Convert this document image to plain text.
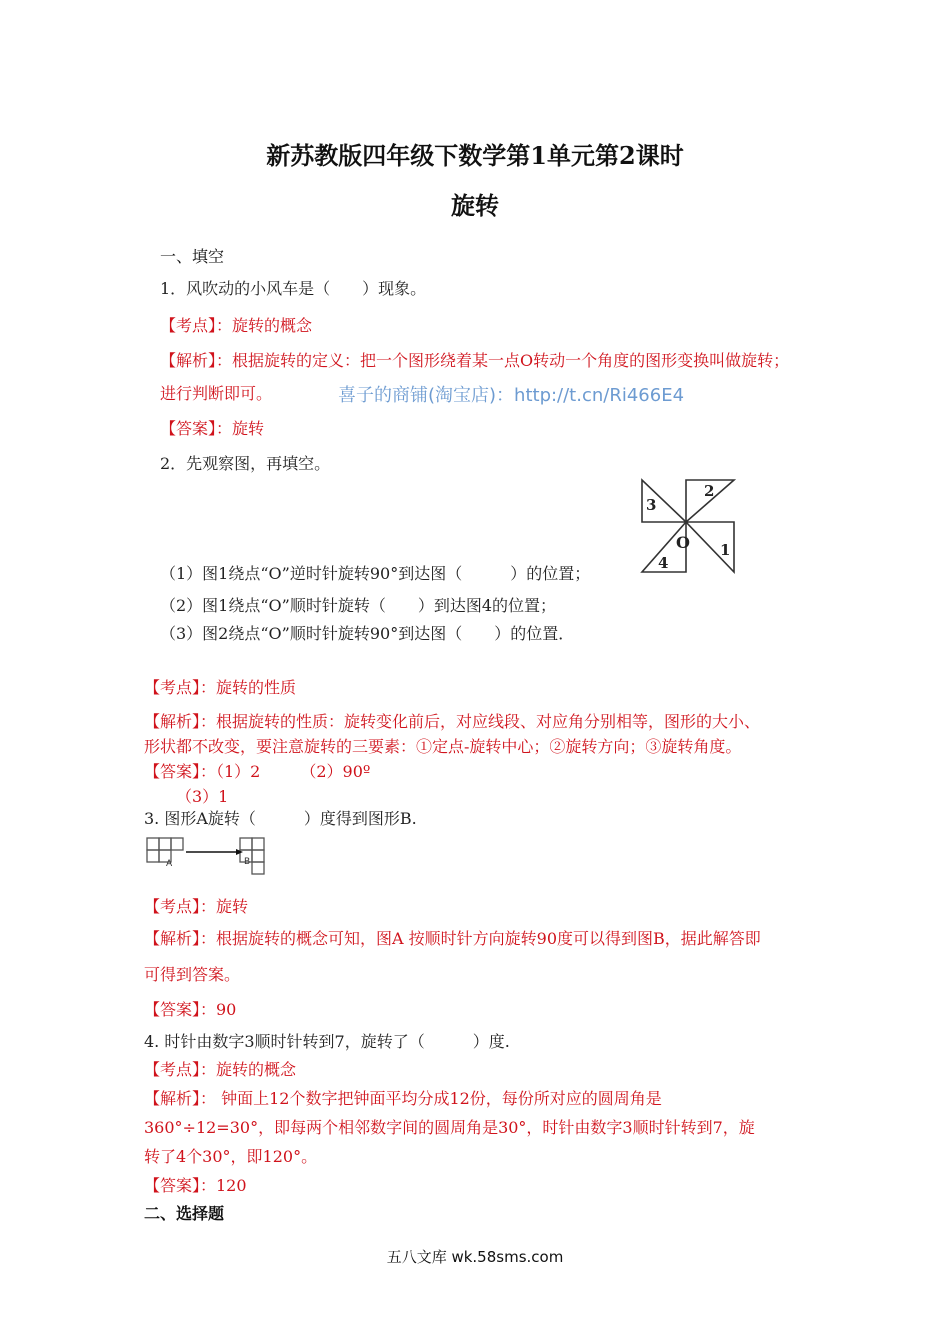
新苏教版四年级下数学第1单元第2课时
旋转
一、填空
1．风吹动的小风车是（　　）现象。
【考点】：旋转的概念
【解析】：根据旋转的定义：把一个图形绕着某一点O转动一个角度的图形变换叫做旋转；
进行判断即可。	喜子的商铺(淘宝店)：http://t.cn/Ri466E4
【答案】：旋转
2．先观察图，再填空。
3
2
O 1
4
（1）图1绕点“O”逆时针旋转90°到达图（　　　）的位置；
（2）图1绕点“O”顺时针旋转（　　）到达图4的位置；
（3）图2绕点“O”顺时针旋转90°到达图（　　）的位置．
【考点】：旋转的性质
【解析】：根据旋转的性质：旋转变化前后，对应线段、对应角分别相等，图形的大小、
形状都不改变，要注意旋转的三要素：①定点-旋转中心；②旋转方向；③旋转角度。
【答案】：（1）2　　　（2）90º
（3）1
3. 图形A旋转（　　　）度得到图形B.
A	B
【考点】：旋转
【解析】：根据旋转的概念可知，图A 按顺时针方向旋转90度可以得到图B，据此解答即
可得到答案。
【答案】：90
4. 时针由数字3顺时针转到7，旋转了（　　　）度.
【考点】：旋转的概念
【解析】： 钟面上12个数字把钟面平均分成12份，每份所对应的圆周角是
360°÷12=30°，即每两个相邻数字间的圆周角是30°，时针由数字3顺时针转到7，旋
转了4个30°，即120°。
【答案】：120
二、选择题
五八文库 wk.58sms.com
